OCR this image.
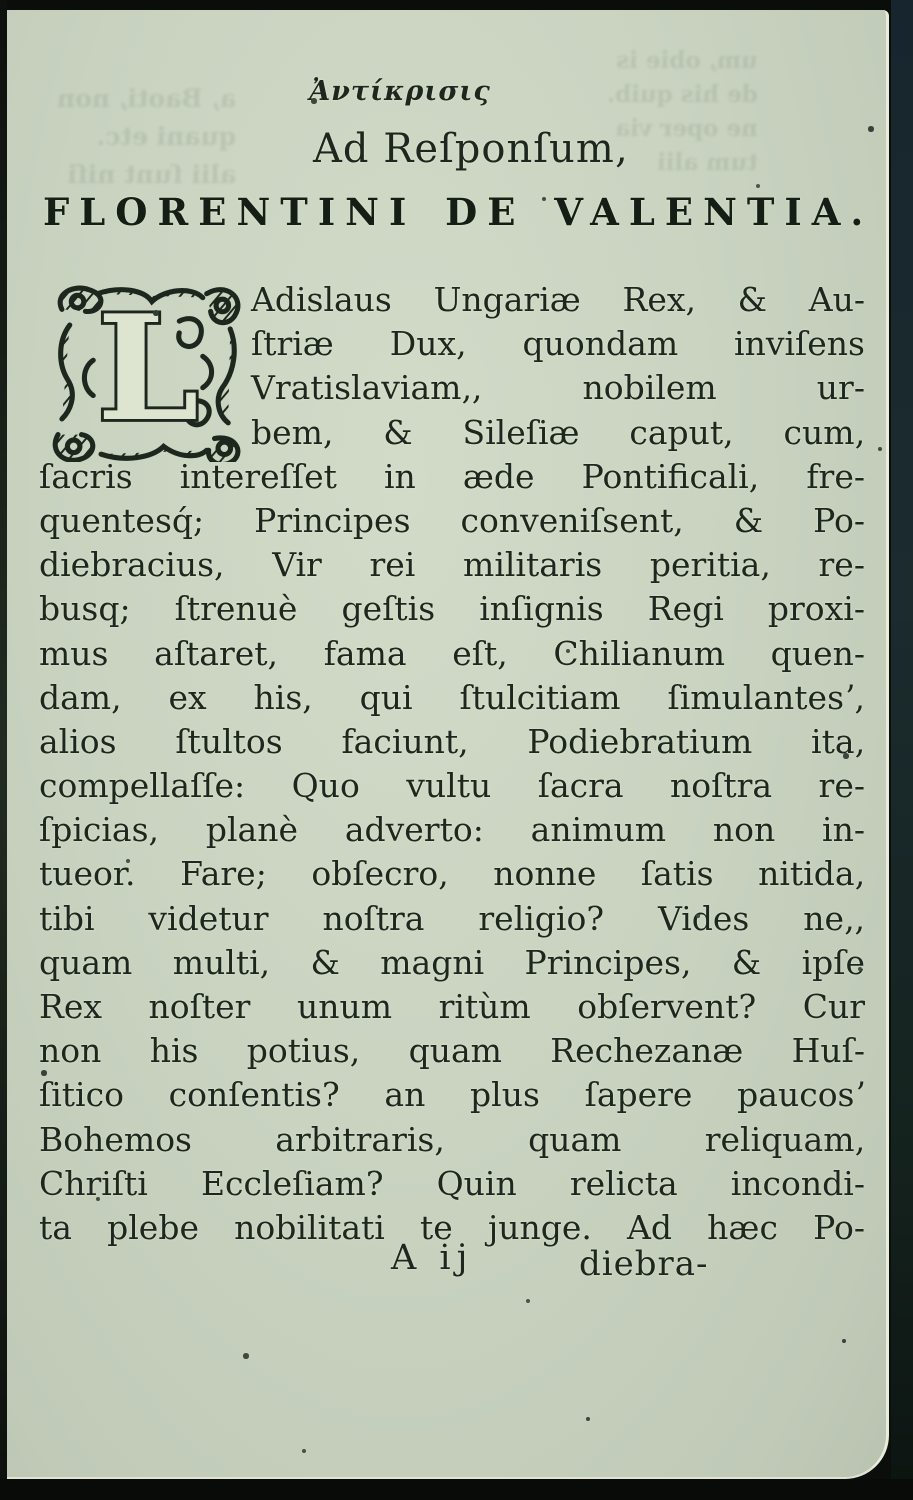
a, Baoti, non
quani etc.
alii ſunt niſi
um, obie is
de his quib.
ne oper via
tum alii
Ἀντίκρισις
Ad Reſponſum‚
FLORENTINI DE VALENTIA.
L	Adislaus Ungariæ Rex, & Au-
ſtriæ Dux, quondam inviſens
Vratislaviam‚, nobilem ur-
bem, & Sileſiæ caput, cum‚
ſacris intereſſet in æde Pontificali, fre-
quentesq́; Principes conveniſsent, & Po-
diebracius, Vir rei militaris peritia, re-
busq; ſtrenuè geſtis inſignis Regi proxi-
mus aſtaret, fama eſt, Chilianum quen-
dam, ex his, qui ſtulcitiam ſimulantesʼ,
alios ſtultos faciunt, Podiebratium ita‚
compellaſſe: Quo vultu ſacra noſtra re-
ſpicias, planè adverto: animum non in-
tueor. Fare; obſecro, nonne ſatis nitida‚
tibi videtur noſtra religio? Vides ne‚,
quam multi, & magni Principes, & ipſe
Rex noſter unum ritùm obſervent? Cur
non his potius, quam Rechezanæ Huſ-
ſitico conſentis? an plus ſapere paucosʼ
Bohemos arbitraris, quam reliquam‚
Chriſti Eccleſiam? Quin relicta incondi-
ta plebe nobilitati te junge. Ad hæc Po-
A ij	diebra-
